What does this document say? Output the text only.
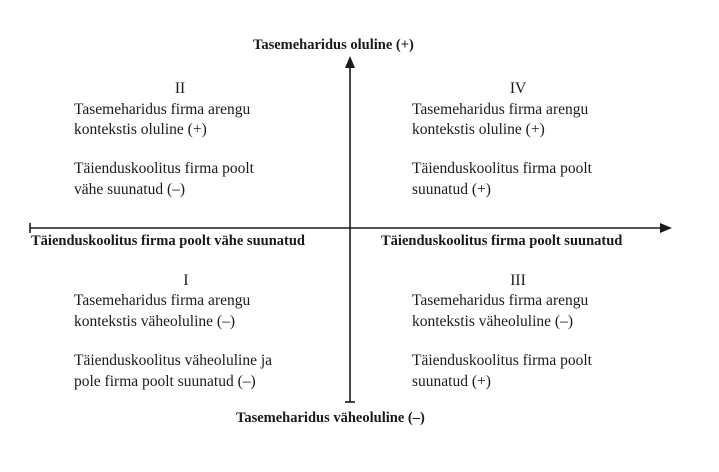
Tasemeharidus oluline (+)
Tasemeharidus väheoluline (–)
Täienduskoolitus firma poolt vähe suunatud	Täienduskoolitus firma poolt suunatud
II
Tasemeharidus firma arengu
kontekstis oluline (+)
Täienduskoolitus firma poolt
vähe suunatud (–)
IV
Tasemeharidus firma arengu
kontekstis oluline (+)
Täienduskoolitus firma poolt
suunatud (+)
I
Tasemeharidus firma arengu
kontekstis väheoluline (–)
Täienduskoolitus väheoluline ja
pole firma poolt suunatud (–)
III
Tasemeharidus firma arengu
kontekstis väheoluline (–)
Täienduskoolitus firma poolt
suunatud (+)
